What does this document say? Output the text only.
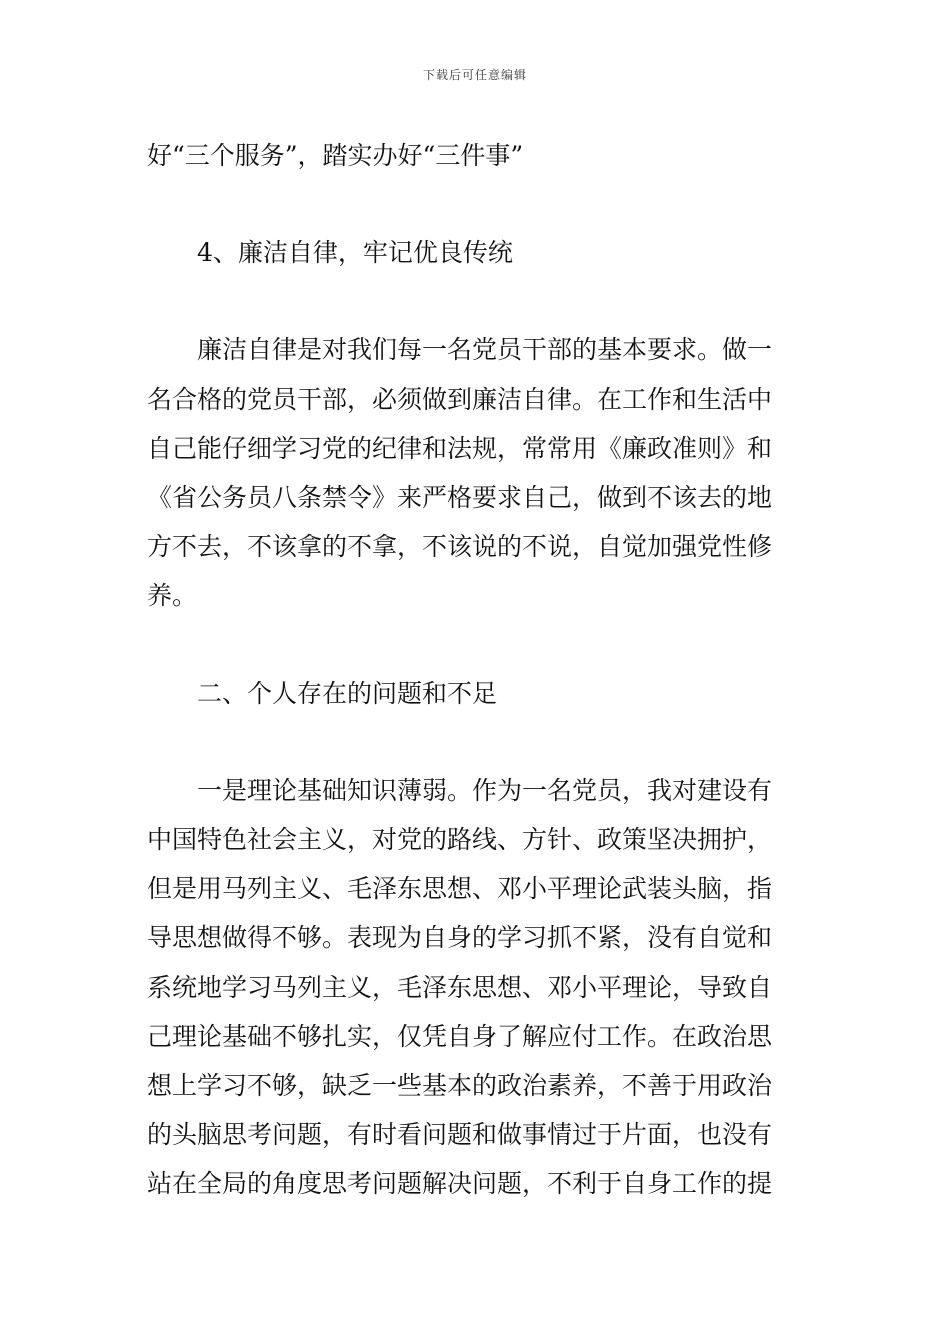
下载后可任意编辑
好“三个服务”，踏实办好“三件事”
4、廉洁自律，牢记优良传统
廉洁自律是对我们每一名党员干部的基本要求。做一
名合格的党员干部，必须做到廉洁自律。在工作和生活中
自己能仔细学习党的纪律和法规，常常用《廉政准则》和
《省公务员八条禁令》来严格要求自己，做到不该去的地
方不去，不该拿的不拿，不该说的不说，自觉加强党性修
养。
二、个人存在的问题和不足
一是理论基础知识薄弱。作为一名党员，我对建设有
中国特色社会主义，对党的路线、方针、政策坚决拥护，
但是用马列主义、毛泽东思想、邓小平理论武装头脑，指
导思想做得不够。表现为自身的学习抓不紧，没有自觉和
系统地学习马列主义，毛泽东思想、邓小平理论，导致自
己理论基础不够扎实，仅凭自身了解应付工作。在政治思
想上学习不够，缺乏一些基本的政治素养，不善于用政治
的头脑思考问题，有时看问题和做事情过于片面，也没有
站在全局的角度思考问题解决问题，不利于自身工作的提
